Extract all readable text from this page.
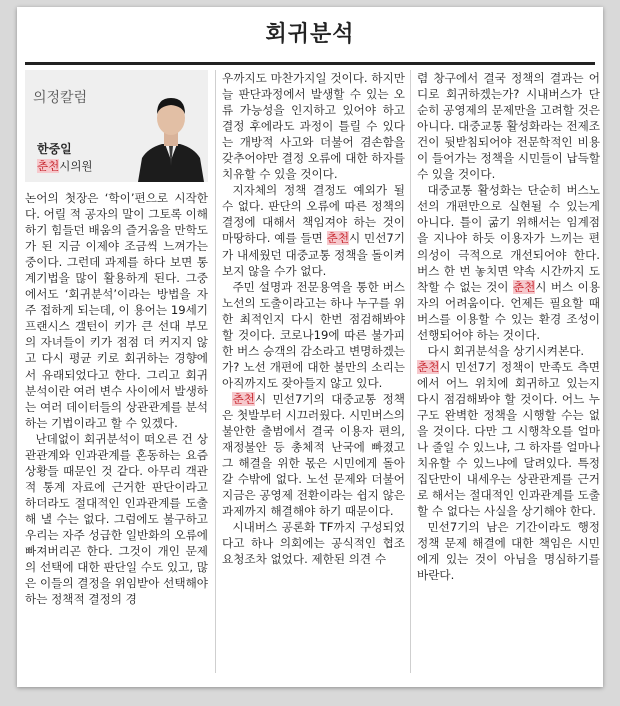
회귀분석
의정칼럼
한중일
춘천시의원

논어의 첫장은 ‘학이’편으로 시작한다. 어릴 적 공자의 말이 그토록 이해하기 힘들던 배움의 즐거움을 만학도가 된 지금 이제야 조금씩 느껴가는 중이다. 그런데 과제를 하다 보면 통계기법을 많이 활용하게 된다. 그중에서도 ‘회귀분석’이라는 방법을 자주 접하게 되는데, 이 용어는 19세기 프랜시스 갤턴이 키가 큰 선대 부모의 자녀들이 키가 점점 더 커지지 않고 다시 평균 키로 회귀하는 경향에서 유래되었다고 한다. 그리고 회귀분석이란 여러 변수 사이에서 발생하는 여러 데이터들의 상관관계를 분석하는 기법이라고 할 수 있겠다.

난데없이 회귀분석이 떠오른 건 상관관계와 인과관계를 혼동하는 요즘 상황들 때문인 것 같다. 아무리 객관적 통계 자료에 근거한 판단이라고 하더라도 절대적인 인과관계를 도출해 낼 수는 없다. 그럼에도 불구하고 우리는 자주 성급한 일반화의 오류에 빠져버리곤 한다. 그것이 개인 문제의 선택에 대한 판단일 수도 있고, 많은 이들의 결정을 위임받아 선택해야 하는 정책적 결정의 경

우까지도 마찬가지일 것이다. 하지만 늘 판단과정에서 발생할 수 있는 오류 가능성을 인지하고 있어야 하고 결정 후에라도 과정이 틀릴 수 있다는 개방적 사고와 더불어 겸손함을 갖추어야만 결정 오류에 대한 하자를 치유할 수 있을 것이다.

지자체의 정책 결정도 예외가 될 수 없다. 판단의 오류에 따른 정책의 결정에 대해서 책임져야 하는 것이 마땅하다. 예를 들면 춘천시 민선7기가 내세웠던 대중교통 정책을 돌이켜보지 않을 수가 없다.

주민 설명과 전문용역을 통한 버스노선의 도출이라고는 하나 누구를 위한 최적인지 다시 한번 점검해봐야 할 것이다. 코로나19에 따른 불가피한 버스 승객의 감소라고 변명하겠는가? 노선 개편에 대한 불만의 소리는 아직까지도 잦아들지 않고 있다.

춘천시 민선7기의 대중교통 정책은 첫발부터 시끄러웠다. 시민버스의 불안한 출범에서 결국 이용자 편의, 재정불안 등 총체적 난국에 빠졌고 그 해결을 위한 몫은 시민에게 돌아갈 수밖에 없다. 노선 문제와 더불어 지금은 공영제 전환이라는 쉽지 않은 과제까지 해결해야 하기 때문이다.

시내버스 공론화 TF까지 구성되었다고 하나 의회에는 공식적인 협조 요청조차 없었다. 제한된 의견 수

렴 창구에서 결국 정책의 결과는 어디로 회귀하겠는가? 시내버스가 단순히 공영제의 문제만을 고려할 것은 아니다. 대중교통 활성화라는 전제조건이 뒷받침되어야 전문학적인 비용이 들어가는 정책을 시민들이 납득할 수 있을 것이다.

대중교통 활성화는 단순히 버스노선의 개편만으로 실현될 수 있는게 아니다. 틀이 굶기 위해서는 임계점을 지나야 하듯 이용자가 느끼는 편의성이 극적으로 개선되어야 한다. 버스 한 번 놓치면 약속 시간까지 도착할 수 없는 것이 춘천시 버스 이용자의 어려움이다. 언제든 필요할 때 버스를 이용할 수 있는 환경 조성이 선행되어야 하는 것이다.

다시 회귀분석을 상기시켜본다.

춘천시 민선7기 정책이 만족도 측면에서 어느 위치에 회귀하고 있는지 다시 점검해봐야 할 것이다. 어느 누구도 완벽한 정책을 시행할 수는 없을 것이다. 다만 그 시행착오를 얼마나 줄일 수 있느냐, 그 하자를 얼마나 치유할 수 있느냐에 달려있다. 특정 집단만이 내세우는 상관관계를 근거로 해서는 절대적인 인과관계를 도출할 수 없다는 사실을 상기해야 한다.

민선7기의 남은 기간이라도 행정 정책 문제 해결에 대한 책임은 시민에게 있는 것이 아님을 명심하기를 바란다.
